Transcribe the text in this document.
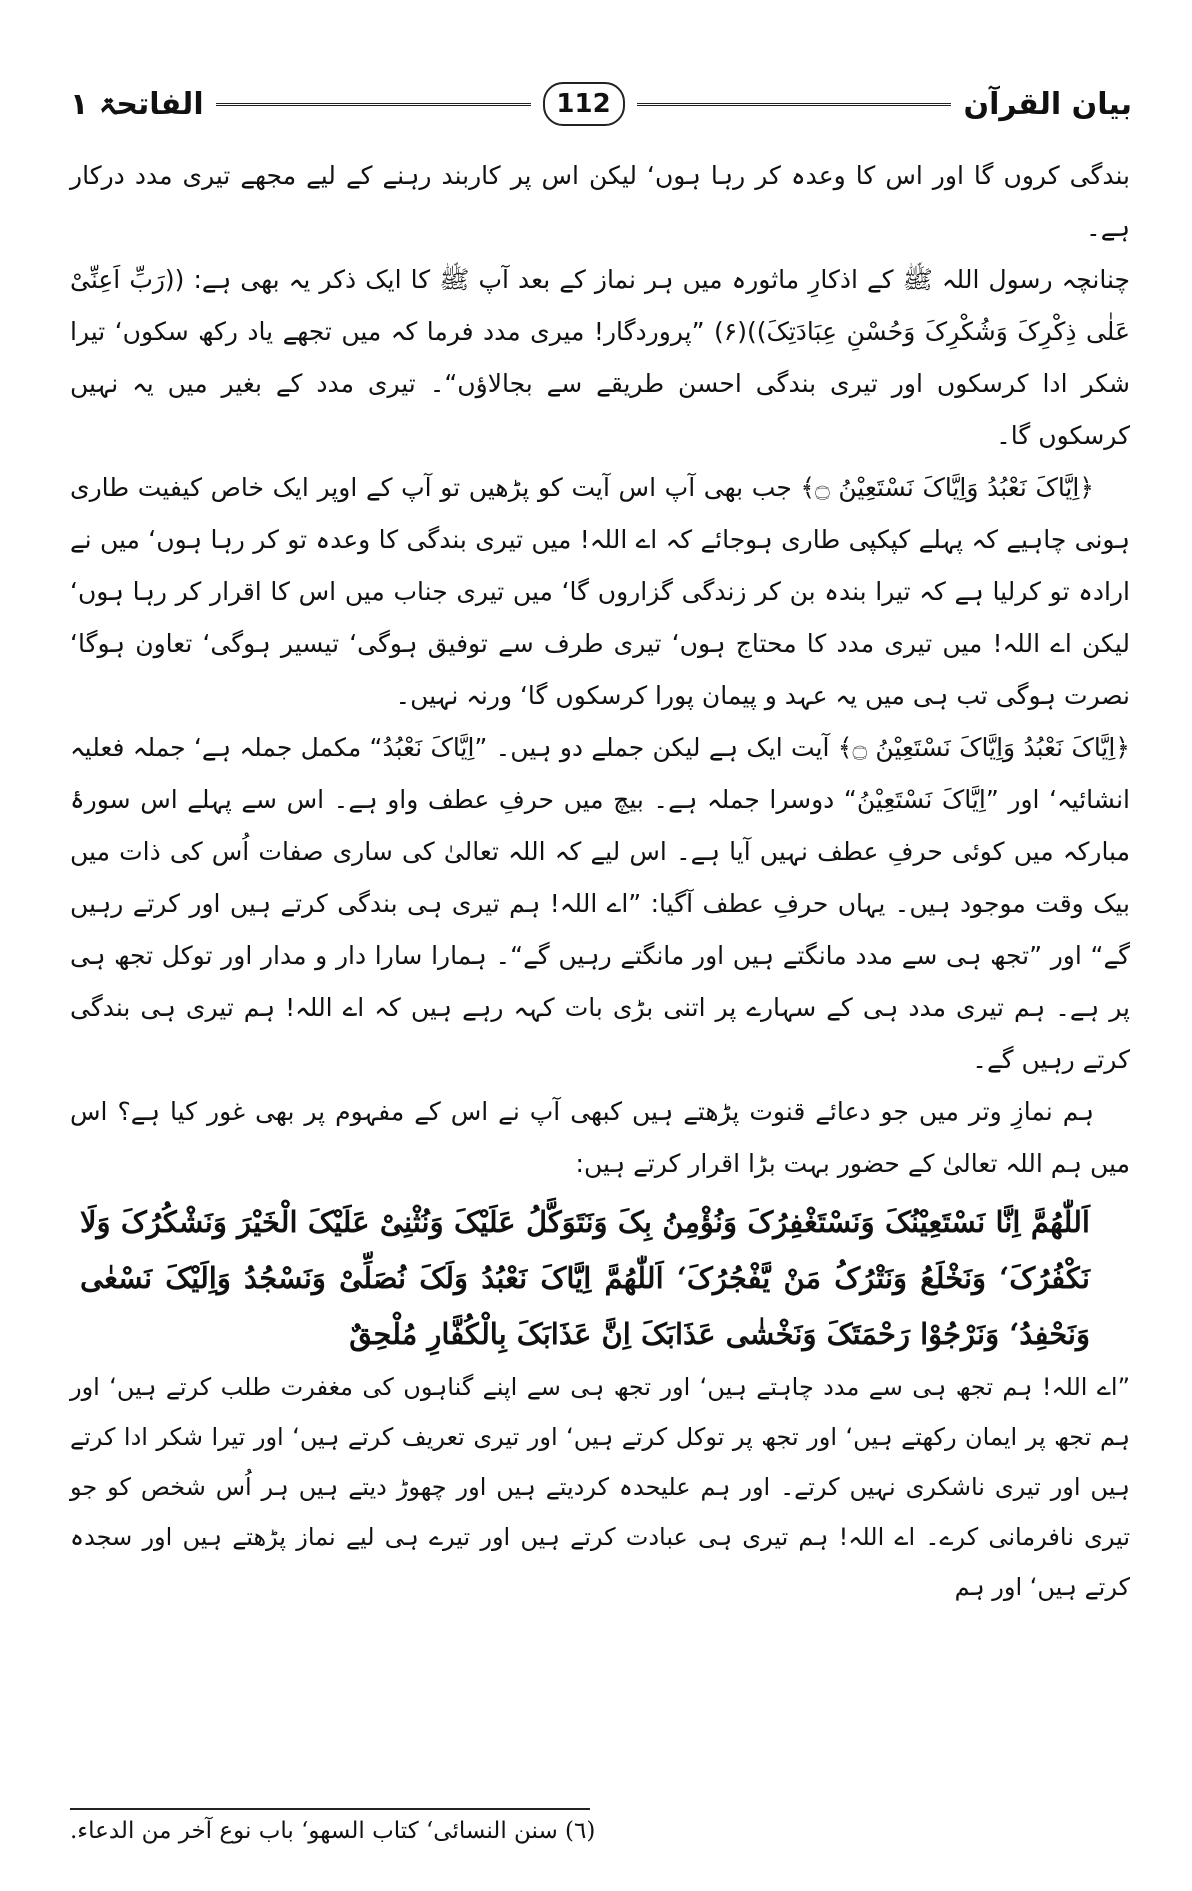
بیان القرآن
112
الفاتحۃ ۱

بندگی کروں گا اور اس کا وعدہ کر رہا ہوں‘ لیکن اس پر کاربند رہنے کے لیے مجھے تیری مدد درکار ہے۔

چنانچہ رسول اللہ ﷺ کے اذکارِ ماثورہ میں ہر نماز کے بعد آپ ﷺ کا ایک ذکر یہ بھی ہے: ((رَبِّ اَعِنِّیْ عَلٰی ذِکْرِکَ وَشُکْرِکَ وَحُسْنِ عِبَادَتِکَ))(۶) ”پروردگار! میری مدد فرما کہ میں تجھے یاد رکھ سکوں‘ تیرا شکر ادا کرسکوں اور تیری بندگی احسن طریقے سے بجالاؤں“۔ تیری مدد کے بغیر میں یہ نہیں کرسکوں گا۔

﴿اِیَّاکَ نَعْبُدُ وَاِیَّاکَ نَسْتَعِیْنُ ۝﴾ جب بھی آپ اس آیت کو پڑھیں تو آپ کے اوپر ایک خاص کیفیت طاری ہونی چاہیے کہ پہلے کپکپی طاری ہوجائے کہ اے اللہ! میں تیری بندگی کا وعدہ تو کر رہا ہوں‘ میں نے ارادہ تو کرلیا ہے کہ تیرا بندہ بن کر زندگی گزاروں گا‘ میں تیری جناب میں اس کا اقرار کر رہا ہوں‘ لیکن اے اللہ! میں تیری مدد کا محتاج ہوں‘ تیری طرف سے توفیق ہوگی‘ تیسیر ہوگی‘ تعاون ہوگا‘ نصرت ہوگی تب ہی میں یہ عہد و پیمان پورا کرسکوں گا‘ ورنہ نہیں۔

﴿اِیَّاکَ نَعْبُدُ وَاِیَّاکَ نَسْتَعِیْنُ ۝﴾ آیت ایک ہے لیکن جملے دو ہیں۔ ”اِیَّاکَ نَعْبُدُ“ مکمل جملہ ہے‘ جملہ فعلیہ انشائیہ‘ اور ”اِیَّاکَ نَسْتَعِیْنُ“ دوسرا جملہ ہے۔ بیچ میں حرفِ عطف واو ہے۔ اس سے پہلے اس سورۂ مبارکہ میں کوئی حرفِ عطف نہیں آیا ہے۔ اس لیے کہ اللہ تعالیٰ کی ساری صفات اُس کی ذات میں بیک وقت موجود ہیں۔ یہاں حرفِ عطف آگیا: ”اے اللہ! ہم تیری ہی بندگی کرتے ہیں اور کرتے رہیں گے“ اور ”تجھ ہی سے مدد مانگتے ہیں اور مانگتے رہیں گے“۔ ہمارا سارا دار و مدار اور توکل تجھ ہی پر ہے۔ ہم تیری مدد ہی کے سہارے پر اتنی بڑی بات کہہ رہے ہیں کہ اے اللہ! ہم تیری ہی بندگی کرتے رہیں گے۔

ہم نمازِ وتر میں جو دعائے قنوت پڑھتے ہیں کبھی آپ نے اس کے مفہوم پر بھی غور کیا ہے؟ اس میں ہم اللہ تعالیٰ کے حضور بہت بڑا اقرار کرتے ہیں:

اَللّٰھُمَّ اِنَّا نَسْتَعِیْنُکَ وَنَسْتَغْفِرُکَ وَنُؤْمِنُ بِکَ وَنَتَوَکَّلُ عَلَیْکَ وَنُثْنِیْ عَلَیْکَ الْخَیْرَ وَنَشْکُرُکَ وَلَا نَکْفُرُکَ‘ وَنَخْلَعُ وَنَتْرُکُ مَنْ یَّفْجُرُکَ‘ اَللّٰھُمَّ اِیَّاکَ نَعْبُدُ وَلَکَ نُصَلِّیْ وَنَسْجُدُ وَاِلَیْکَ نَسْعٰی وَنَحْفِدُ‘ وَنَرْجُوْا رَحْمَتَکَ وَنَخْشٰی عَذَابَکَ اِنَّ عَذَابَکَ بِالْکُفَّارِ مُلْحِقٌ

”اے اللہ! ہم تجھ ہی سے مدد چاہتے ہیں‘ اور تجھ ہی سے اپنے گناہوں کی مغفرت طلب کرتے ہیں‘ اور ہم تجھ پر ایمان رکھتے ہیں‘ اور تجھ پر توکل کرتے ہیں‘ اور تیری تعریف کرتے ہیں‘ اور تیرا شکر ادا کرتے ہیں اور تیری ناشکری نہیں کرتے۔ اور ہم علیحدہ کردیتے ہیں اور چھوڑ دیتے ہیں ہر اُس شخص کو جو تیری نافرمانی کرے۔ اے اللہ! ہم تیری ہی عبادت کرتے ہیں اور تیرے ہی لیے نماز پڑھتے ہیں اور سجدہ کرتے ہیں‘ اور ہم

(٦) سنن النسائی‘ کتاب السھو‘ باب نوع آخر من الدعاء.
